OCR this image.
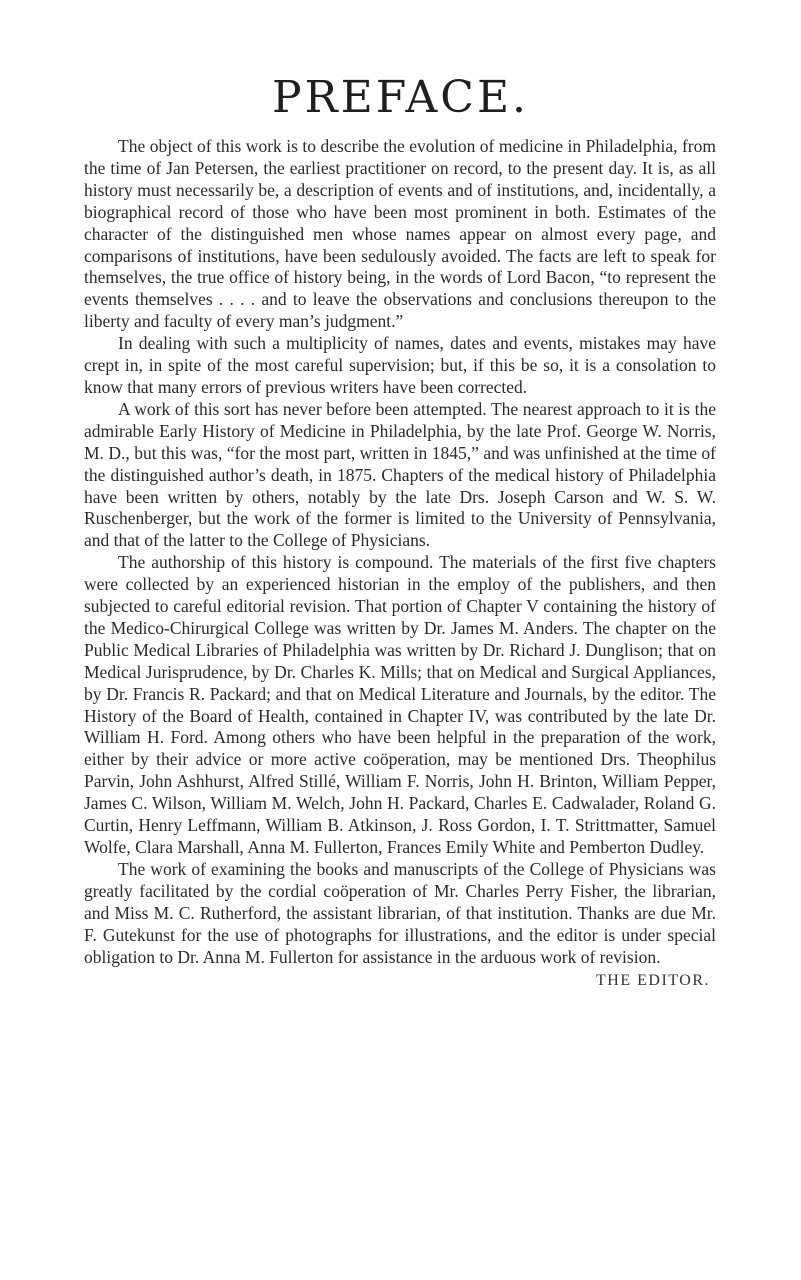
PREFACE.

The object of this work is to describe the evolution of medicine in Philadelphia, from the time of Jan Petersen, the earliest practitioner on record, to the present day. It is, as all history must necessarily be, a description of events and of institutions, and, incidentally, a biographical record of those who have been most prominent in both. Estimates of the character of the distinguished men whose names appear on almost every page, and comparisons of institutions, have been sedulously avoided. The facts are left to speak for themselves, the true office of history being, in the words of Lord Bacon, “to represent the events themselves . . . . and to leave the observations and conclusions thereupon to the liberty and faculty of every man’s judgment.”

In dealing with such a multiplicity of names, dates and events, mistakes may have crept in, in spite of the most careful supervision; but, if this be so, it is a consolation to know that many errors of previous writers have been corrected.

A work of this sort has never before been attempted. The nearest approach to it is the admirable Early History of Medicine in Philadelphia, by the late Prof. George W. Norris, M. D., but this was, “for the most part, written in 1845,” and was unfinished at the time of the distinguished author’s death, in 1875. Chapters of the medical history of Philadelphia have been written by others, notably by the late Drs. Joseph Carson and W. S. W. Ruschenberger, but the work of the former is limited to the University of Pennsylvania, and that of the latter to the College of Physicians.

The authorship of this history is compound. The materials of the first five chapters were collected by an experienced historian in the employ of the publishers, and then subjected to careful editorial revision. That portion of Chapter V containing the history of the Medico-Chirurgical College was written by Dr. James M. Anders. The chapter on the Public Medical Libraries of Philadelphia was written by Dr. Richard J. Dunglison; that on Medical Jurisprudence, by Dr. Charles K. Mills; that on Medical and Surgical Appliances, by Dr. Francis R. Packard; and that on Medical Literature and Journals, by the editor. The History of the Board of Health, contained in Chapter IV, was contributed by the late Dr. William H. Ford. Among others who have been helpful in the preparation of the work, either by their advice or more active coöperation, may be mentioned Drs. Theophilus Parvin, John Ashhurst, Alfred Stillé, William F. Norris, John H. Brinton, William Pepper, James C. Wilson, William M. Welch, John H. Packard, Charles E. Cadwalader, Roland G. Curtin, Henry Leffmann, William B. Atkinson, J. Ross Gordon, I. T. Strittmatter, Samuel Wolfe, Clara Marshall, Anna M. Fullerton, Frances Emily White and Pemberton Dudley.

The work of examining the books and manuscripts of the College of Physicians was greatly facilitated by the cordial coöperation of Mr. Charles Perry Fisher, the librarian, and Miss M. C. Rutherford, the assistant librarian, of that institution. Thanks are due Mr. F. Gutekunst for the use of photographs for illustrations, and the editor is under special obligation to Dr. Anna M. Fullerton for assistance in the arduous work of revision.

THE EDITOR.
